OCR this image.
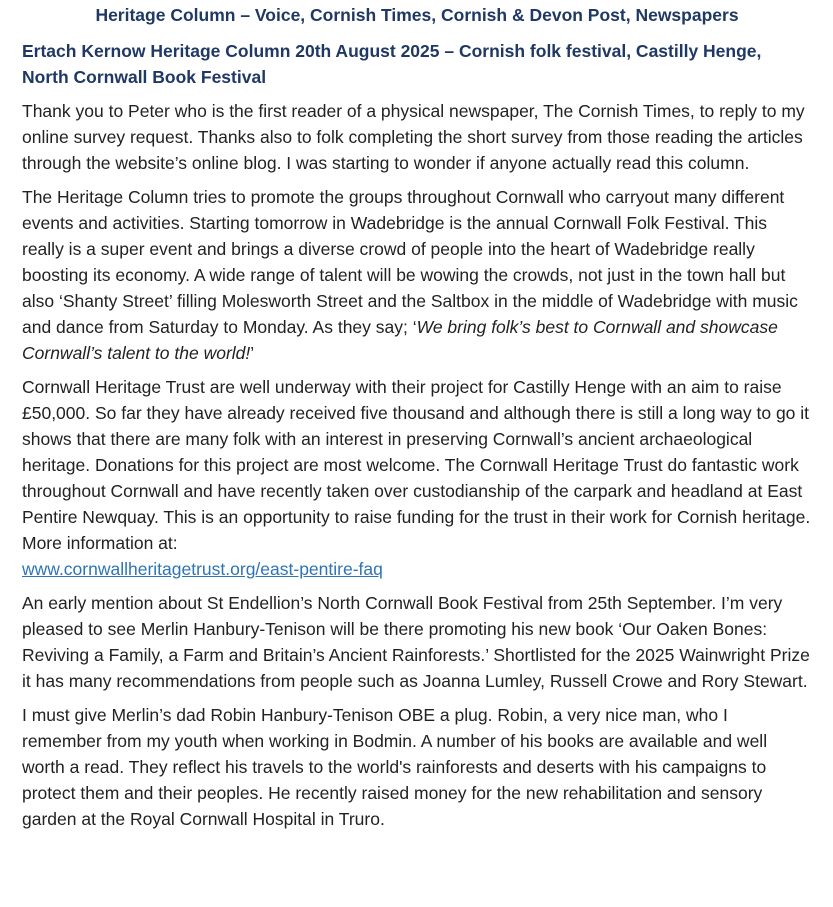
Heritage Column – Voice, Cornish Times, Cornish & Devon Post, Newspapers
Ertach Kernow Heritage Column 20th August 2025 – Cornish folk festival, Castilly Henge, North Cornwall Book Festival

Thank you to Peter who is the first reader of a physical newspaper, The Cornish Times, to reply to my online survey request. Thanks also to folk completing the short survey from those reading the articles through the website’s online blog. I was starting to wonder if anyone actually read this column.

The Heritage Column tries to promote the groups throughout Cornwall who carryout many different events and activities. Starting tomorrow in Wadebridge is the annual Cornwall Folk Festival. This really is a super event and brings a diverse crowd of people into the heart of Wadebridge really boosting its economy. A wide range of talent will be wowing the crowds, not just in the town hall but also ‘Shanty Street’ filling Molesworth Street and the Saltbox in the middle of Wadebridge with music and dance from Saturday to Monday. As they say; ‘We bring folk’s best to Cornwall and showcase Cornwall’s talent to the world!’

Cornwall Heritage Trust are well underway with their project for Castilly Henge with an aim to raise £50,000. So far they have already received five thousand and although there is still a long way to go it shows that there are many folk with an interest in preserving Cornwall’s ancient archaeological heritage. Donations for this project are most welcome. The Cornwall Heritage Trust do fantastic work throughout Cornwall and have recently taken over custodianship of the carpark and headland at East Pentire Newquay. This is an opportunity to raise funding for the trust in their work for Cornish heritage. More information at:
www.cornwallheritagetrust.org/east-pentire-faq

An early mention about St Endellion’s North Cornwall Book Festival from 25th September. I’m very pleased to see Merlin Hanbury-Tenison will be there promoting his new book ‘Our Oaken Bones: Reviving a Family, a Farm and Britain’s Ancient Rainforests.’ Shortlisted for the 2025 Wainwright Prize it has many recommendations from people such as Joanna Lumley, Russell Crowe and Rory Stewart.

I must give Merlin’s dad Robin Hanbury-Tenison OBE a plug. Robin, a very nice man, who I remember from my youth when working in Bodmin. A number of his books are available and well worth a read. They reflect his travels to the world's rainforests and deserts with his campaigns to protect them and their peoples. He recently raised money for the new rehabilitation and sensory garden at the Royal Cornwall Hospital in Truro.
